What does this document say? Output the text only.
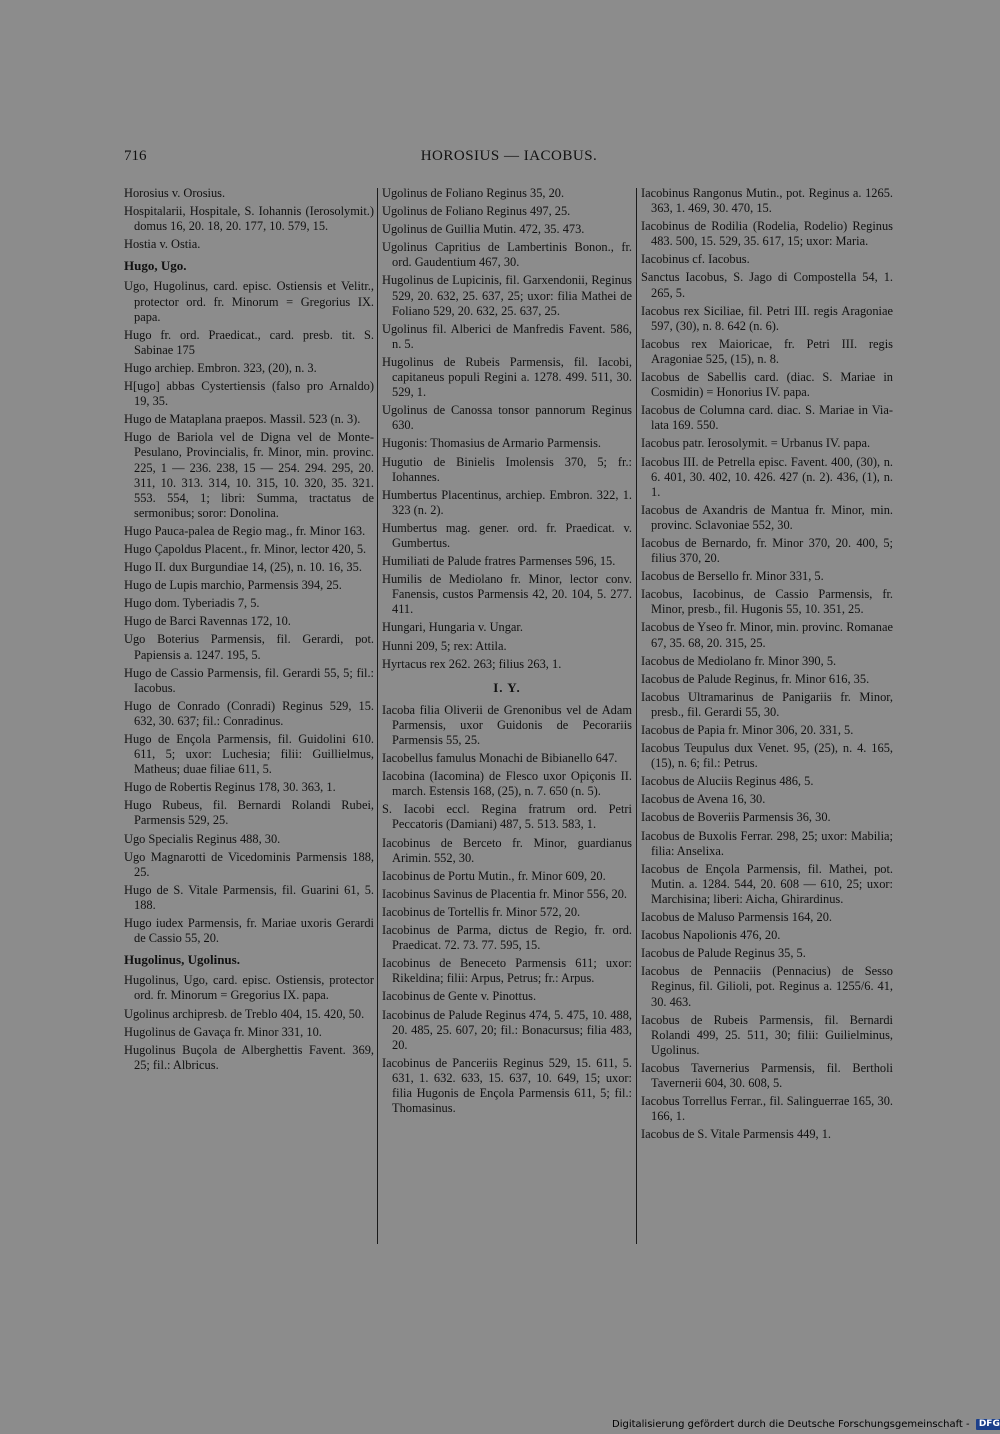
716	HOROSIUS — IACOBUS.
Horosius v. Orosius.
Hospitalarii, Hospitale, S. Iohannis (Ierosolymit.) domus 16, 20. 18, 20. 177, 10. 579, 15.
Hostia v. Ostia.
Hugo, Ugo.
Ugo, Hugolinus, card. episc. Ostiensis et Velitr., protector ord. fr. Minorum = Gregorius IX. papa.
Hugo fr. ord. Praedicat., card. presb. tit. S. Sabinae 175
Hugo archiep. Embron. 323, (20), n. 3.
H[ugo] abbas Cystertiensis (falso pro Arnaldo) 19, 35.
Hugo de Mataplana praepos. Massil. 523 (n. 3).
Hugo de Bariola vel de Digna vel de Monte-Pesulano, Provincialis, fr. Minor, min. provinc. 225, 1 — 236. 238, 15 — 254. 294. 295, 20. 311, 10. 313. 314, 10. 315, 10. 320, 35. 321. 553. 554, 1; libri: Summa, tractatus de sermonibus; soror: Donolina.
Hugo Pauca-palea de Regio mag., fr. Minor 163.
Hugo Çapoldus Placent., fr. Minor, lector 420, 5.
Hugo II. dux Burgundiae 14, (25), n. 10. 16, 35.
Hugo de Lupis marchio, Parmensis 394, 25.
Hugo dom. Tyberiadis 7, 5.
Hugo de Barci Ravennas 172, 10.
Ugo Boterius Parmensis, fil. Gerardi, pot. Papiensis a. 1247. 195, 5.
Hugo de Cassio Parmensis, fil. Gerardi 55, 5; fil.: Iacobus.
Hugo de Conrado (Conradi) Reginus 529, 15. 632, 30. 637; fil.: Conradinus.
Hugo de Ençola Parmensis, fil. Guidolini 610. 611, 5; uxor: Luchesia; filii: Guillielmus, Matheus; duae filiae 611, 5.
Hugo de Robertis Reginus 178, 30. 363, 1.
Hugo Rubeus, fil. Bernardi Rolandi Rubei, Parmensis 529, 25.
Ugo Specialis Reginus 488, 30.
Ugo Magnarotti de Vicedominis Parmensis 188, 25.
Hugo de S. Vitale Parmensis, fil. Guarini 61, 5. 188.
Hugo iudex Parmensis, fr. Mariae uxoris Gerardi de Cassio 55, 20.
Hugolinus, Ugolinus.
Hugolinus, Ugo, card. episc. Ostiensis, protector ord. fr. Minorum = Gregorius IX. papa.
Ugolinus archipresb. de Treblo 404, 15. 420, 50.
Hugolinus de Gavaça fr. Minor 331, 10.
Hugolinus Buçola de Alberghettis Favent. 369, 25; fil.: Albricus.
Ugolinus de Foliano Reginus 35, 20.
Ugolinus de Foliano Reginus 497, 25.
Ugolinus de Guillia Mutin. 472, 35. 473.
Ugolinus Capritius de Lambertinis Bonon., fr. ord. Gaudentium 467, 30.
Hugolinus de Lupicinis, fil. Garxendonii, Reginus 529, 20. 632, 25. 637, 25; uxor: filia Mathei de Foliano 529, 20. 632, 25. 637, 25.
Ugolinus fil. Alberici de Manfredis Favent. 586, n. 5.
Hugolinus de Rubeis Parmensis, fil. Iacobi, capitaneus populi Regini a. 1278. 499. 511, 30. 529, 1.
Ugolinus de Canossa tonsor pannorum Reginus 630.
Hugonis: Thomasius de Armario Parmensis.
Hugutio de Binielis Imolensis 370, 5; fr.: Iohannes.
Humbertus Placentinus, archiep. Embron. 322, 1. 323 (n. 2).
Humbertus mag. gener. ord. fr. Praedicat. v. Gumbertus.
Humiliati de Palude fratres Parmenses 596, 15.
Humilis de Mediolano fr. Minor, lector conv. Fanensis, custos Parmensis 42, 20. 104, 5. 277. 411.
Hungari, Hungaria v. Ungar.
Hunni 209, 5; rex: Attila.
Hyrtacus rex 262. 263; filius 263, 1.
I. Y.
Iacoba filia Oliverii de Grenonibus vel de Adam Parmensis, uxor Guidonis de Pecorariis Parmensis 55, 25.
Iacobellus famulus Monachi de Bibianello 647.
Iacobina (Iacomina) de Flesco uxor Opiçonis II. march. Estensis 168, (25), n. 7. 650 (n. 5).
S. Iacobi eccl. Regina fratrum ord. Petri Peccatoris (Damiani) 487, 5. 513. 583, 1.
Iacobinus de Berceto fr. Minor, guardianus Arimin. 552, 30.
Iacobinus de Portu Mutin., fr. Minor 609, 20.
Iacobinus Savinus de Placentia fr. Minor 556, 20.
Iacobinus de Tortellis fr. Minor 572, 20.
Iacobinus de Parma, dictus de Regio, fr. ord. Praedicat. 72. 73. 77. 595, 15.
Iacobinus de Beneceto Parmensis 611; uxor: Rikeldina; filii: Arpus, Petrus; fr.: Arpus.
Iacobinus de Gente v. Pinottus.
Iacobinus de Palude Reginus 474, 5. 475, 10. 488, 20. 485, 25. 607, 20; fil.: Bonacursus; filia 483, 20.
Iacobinus de Panceriis Reginus 529, 15. 611, 5. 631, 1. 632. 633, 15. 637, 10. 649, 15; uxor: filia Hugonis de Ençola Parmensis 611, 5; fil.: Thomasinus.
Iacobinus Rangonus Mutin., pot. Reginus a. 1265. 363, 1. 469, 30. 470, 15.
Iacobinus de Rodilia (Rodelia, Rodelio) Reginus 483. 500, 15. 529, 35. 617, 15; uxor: Maria.
Iacobinus cf. Iacobus.
Sanctus Iacobus, S. Jago di Compostella 54, 1. 265, 5.
Iacobus rex Siciliae, fil. Petri III. regis Aragoniae 597, (30), n. 8. 642 (n. 6).
Iacobus rex Maioricae, fr. Petri III. regis Aragoniae 525, (15), n. 8.
Iacobus de Sabellis card. (diac. S. Mariae in Cosmidin) = Honorius IV. papa.
Iacobus de Columna card. diac. S. Mariae in Via-lata 169. 550.
Iacobus patr. Ierosolymit. = Urbanus IV. papa.
Iacobus III. de Petrella episc. Favent. 400, (30), n. 6. 401, 30. 402, 10. 426. 427 (n. 2). 436, (1), n. 1.
Iacobus de Axandris de Mantua fr. Minor, min. provinc. Sclavoniae 552, 30.
Iacobus de Bernardo, fr. Minor 370, 20. 400, 5; filius 370, 20.
Iacobus de Bersello fr. Minor 331, 5.
Iacobus, Iacobinus, de Cassio Parmensis, fr. Minor, presb., fil. Hugonis 55, 10. 351, 25.
Iacobus de Yseo fr. Minor, min. provinc. Romanae 67, 35. 68, 20. 315, 25.
Iacobus de Mediolano fr. Minor 390, 5.
Iacobus de Palude Reginus, fr. Minor 616, 35.
Iacobus Ultramarinus de Panigariis fr. Minor, presb., fil. Gerardi 55, 30.
Iacobus de Papia fr. Minor 306, 20. 331, 5.
Iacobus Teupulus dux Venet. 95, (25), n. 4. 165, (15), n. 6; fil.: Petrus.
Iacobus de Aluciis Reginus 486, 5.
Iacobus de Avena 16, 30.
Iacobus de Boveriis Parmensis 36, 30.
Iacobus de Buxolis Ferrar. 298, 25; uxor: Mabilia; filia: Anselixa.
Iacobus de Ençola Parmensis, fil. Mathei, pot. Mutin. a. 1284. 544, 20. 608 — 610, 25; uxor: Marchisina; liberi: Aicha, Ghirardinus.
Iacobus de Maluso Parmensis 164, 20.
Iacobus Napolionis 476, 20.
Iacobus de Palude Reginus 35, 5.
Iacobus de Pennaciis (Pennacius) de Sesso Reginus, fil. Gilioli, pot. Reginus a. 1255/6. 41, 30. 463.
Iacobus de Rubeis Parmensis, fil. Bernardi Rolandi 499, 25. 511, 30; filii: Guilielminus, Ugolinus.
Iacobus Tavernerius Parmensis, fil. Bertholi Tavernerii 604, 30. 608, 5.
Iacobus Torrellus Ferrar., fil. Salinguerrae 165, 30. 166, 1.
Iacobus de S. Vitale Parmensis 449, 1.
Digitalisierung gefördert durch die Deutsche Forschungsgemeinschaft - DFG
